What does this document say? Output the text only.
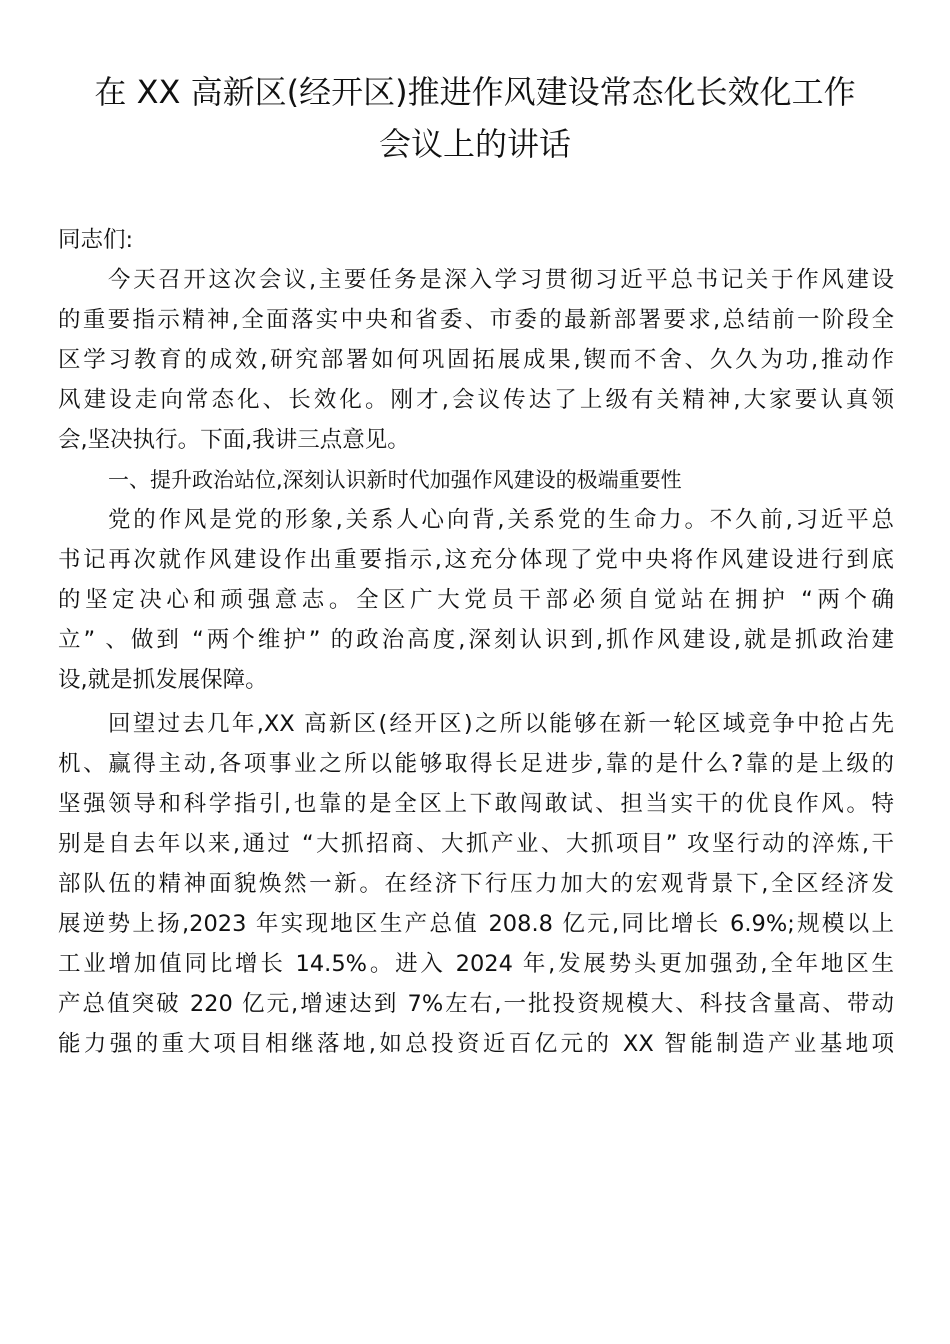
在 XX 高新区(经开区)推进作风建设常态化长效化工作
会议上的讲话
同志们:
今天召开这次会议,主要任务是深入学习贯彻习近平总书记关于作风建设
的重要指示精神,全面落实中央和省委、市委的最新部署要求,总结前一阶段全
区学习教育的成效,研究部署如何巩固拓展成果,锲而不舍、久久为功,推动作
风建设走向常态化、长效化。刚才,会议传达了上级有关精神,大家要认真领
会,坚决执行。下面,我讲三点意见。
一、提升政治站位,深刻认识新时代加强作风建设的极端重要性
党的作风是党的形象,关系人心向背,关系党的生命力。不久前,习近平总
书记再次就作风建设作出重要指示,这充分体现了党中央将作风建设进行到底
的坚定决心和顽强意志。全区广大党员干部必须自觉站在拥护 “两个确
立” 、做到 “两个维护” 的政治高度,深刻认识到,抓作风建设,就是抓政治建
设,就是抓发展保障。
回望过去几年,XX 高新区(经开区)之所以能够在新一轮区域竞争中抢占先
机、赢得主动,各项事业之所以能够取得长足进步,靠的是什么?靠的是上级的
坚强领导和科学指引,也靠的是全区上下敢闯敢试、担当实干的优良作风。特
别是自去年以来,通过 “大抓招商、大抓产业、大抓项目” 攻坚行动的淬炼,干
部队伍的精神面貌焕然一新。在经济下行压力加大的宏观背景下,全区经济发
展逆势上扬,2023 年实现地区生产总值 208.8 亿元,同比增长 6.9%;规模以上
工业增加值同比增长 14.5%。进入 2024 年,发展势头更加强劲,全年地区生
产总值突破 220 亿元,增速达到 7%左右,一批投资规模大、科技含量高、带动
能力强的重大项目相继落地,如总投资近百亿元的 XX 智能制造产业基地项
